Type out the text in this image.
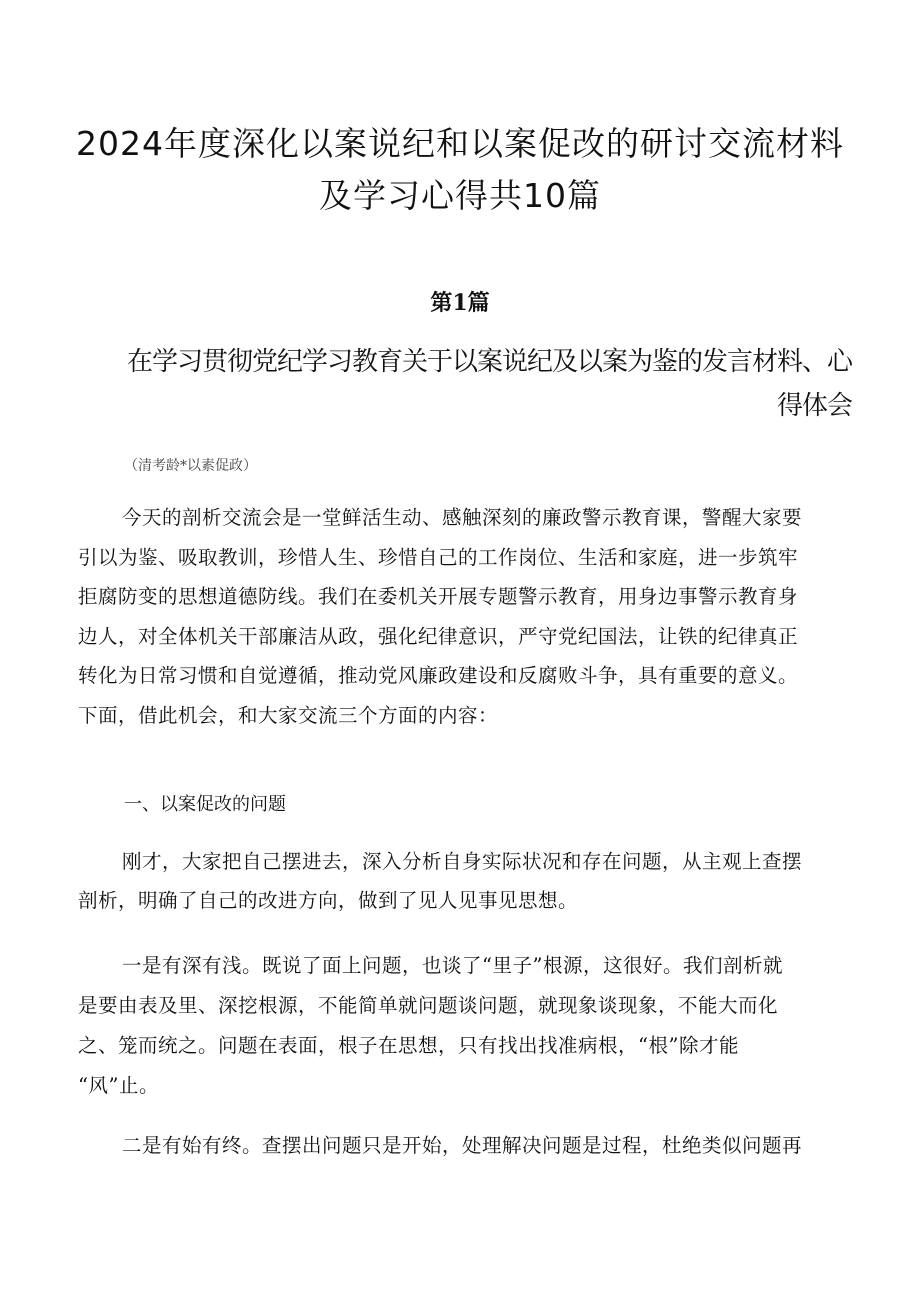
2024年度深化以案说纪和以案促改的研讨交流材料
及学习心得共10篇
第1篇
在学习贯彻党纪学习教育关于以案说纪及以案为鉴的发言材料、心
得体会
（清考龄*以素促政）
今天的剖析交流会是一堂鲜活生动、感触深刻的廉政警示教育课，警醒大家要
引以为鉴、吸取教训，珍惜人生、珍惜自己的工作岗位、生活和家庭，进一步筑牢
拒腐防变的思想道德防线。我们在委机关开展专题警示教育，用身边事警示教育身
边人，对全体机关干部廉洁从政，强化纪律意识，严守党纪国法，让铁的纪律真正
转化为日常习惯和自觉遵循，推动党风廉政建设和反腐败斗争，具有重要的意义。
下面，借此机会，和大家交流三个方面的内容：
一、以案促改的问题
刚才，大家把自己摆进去，深入分析自身实际状况和存在问题，从主观上查摆
剖析，明确了自己的改进方向，做到了见人见事见思想。
一是有深有浅。既说了面上问题，也谈了“里子”根源，这很好。我们剖析就
是要由表及里、深挖根源，不能简单就问题谈问题，就现象谈现象，不能大而化
之、笼而统之。问题在表面，根子在思想，只有找出找准病根，“根”除才能
“风”止。
二是有始有终。查摆出问题只是开始，处理解决问题是过程，杜绝类似问题再
